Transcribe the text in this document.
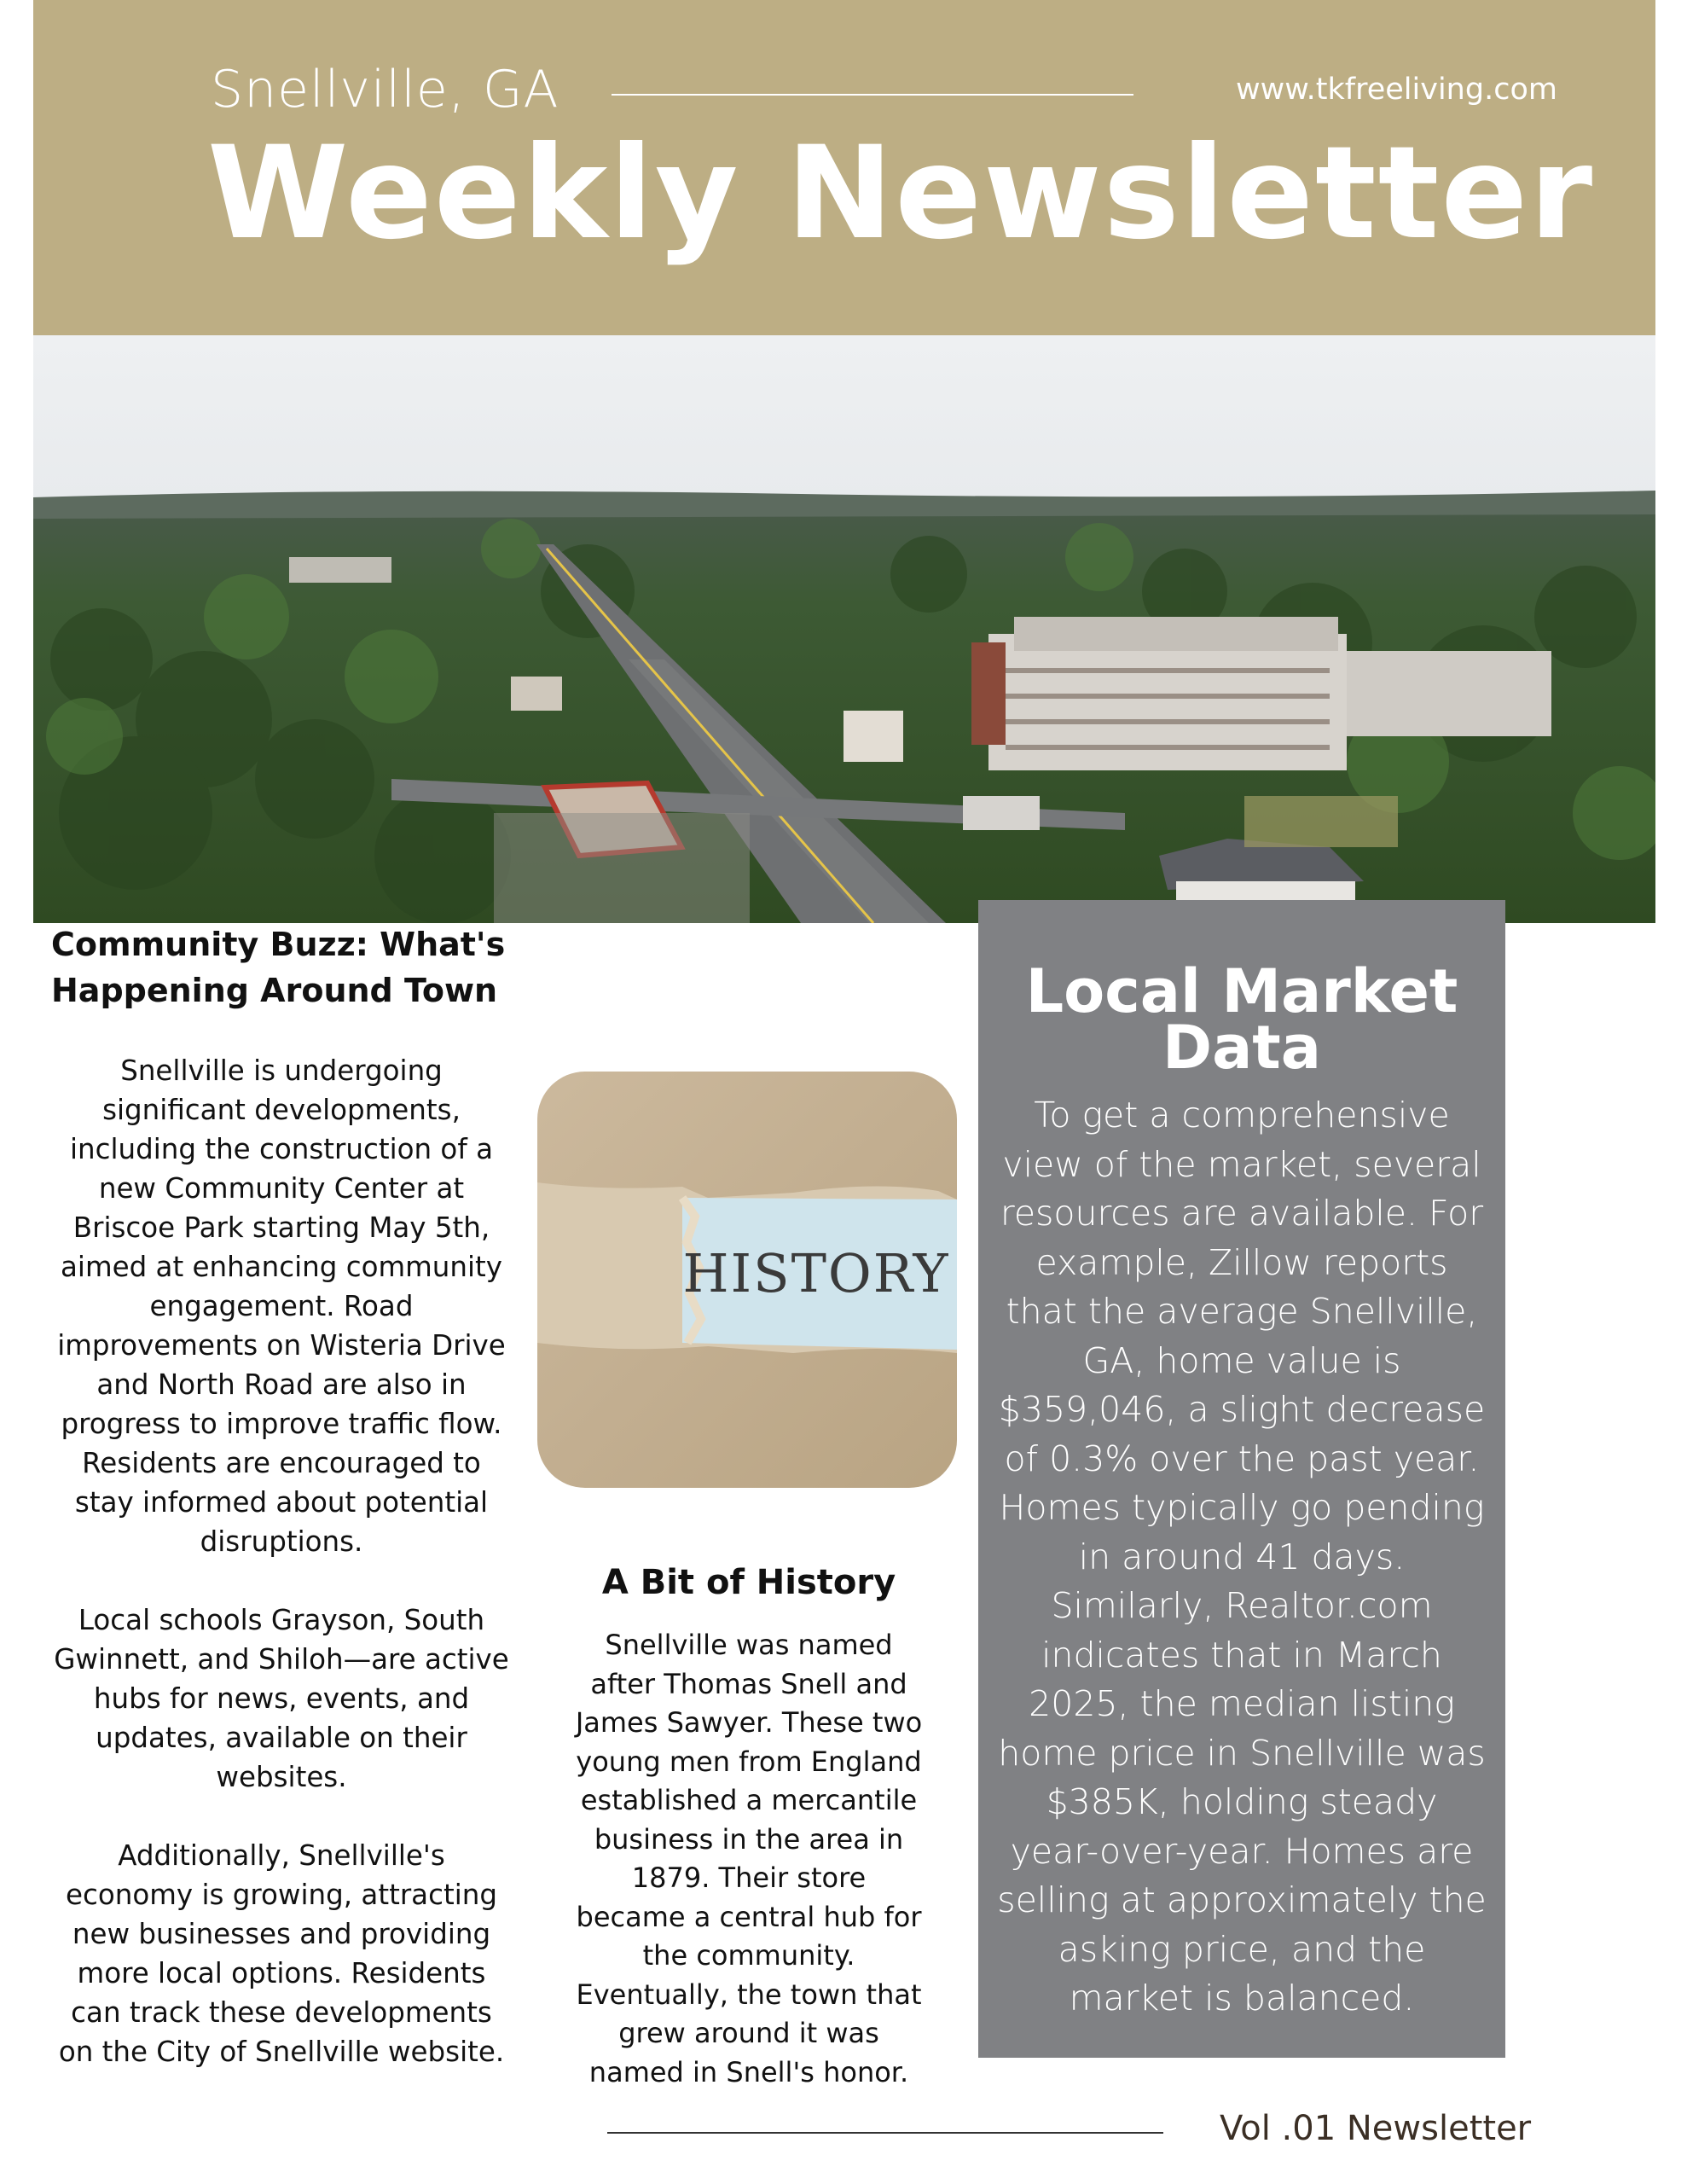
Snellville, GA	www.tkfreeliving.com
Weekly Newsletter
Community Buzz: What's Happening Around Town

Snellville is undergoing significant developments, including the construction of a new Community Center at Briscoe Park starting May 5th, aimed at enhancing community engagement. Road improvements on Wisteria Drive and North Road are also in progress to improve traffic flow. Residents are encouraged to stay informed about potential disruptions.

Local schools Grayson, South Gwinnett, and Shiloh—are active hubs for news, events, and updates, available on their websites.

Additionally, Snellville's economy is growing, attracting new businesses and providing more local options. Residents can track these developments on the City of Snellville website.

HISTORY
A Bit of History
Snellville was named after Thomas Snell and James Sawyer. These two young men from England established a mercantile business in the area in 1879. Their store became a central hub for the community. Eventually, the town that grew around it was named in Snell's honor.
Local Market Data
To get a comprehensive view of the market, several resources are available. For example, Zillow reports that the average Snellville, GA, home value is $359,046, a slight decrease of 0.3% over the past year. Homes typically go pending in around 41 days. Similarly, Realtor.com indicates that in March 2025, the median listing home price in Snellville was $385K, holding steady year-over-year. Homes are selling at approximately the asking price, and the market is balanced.
Vol .01 Newsletter
